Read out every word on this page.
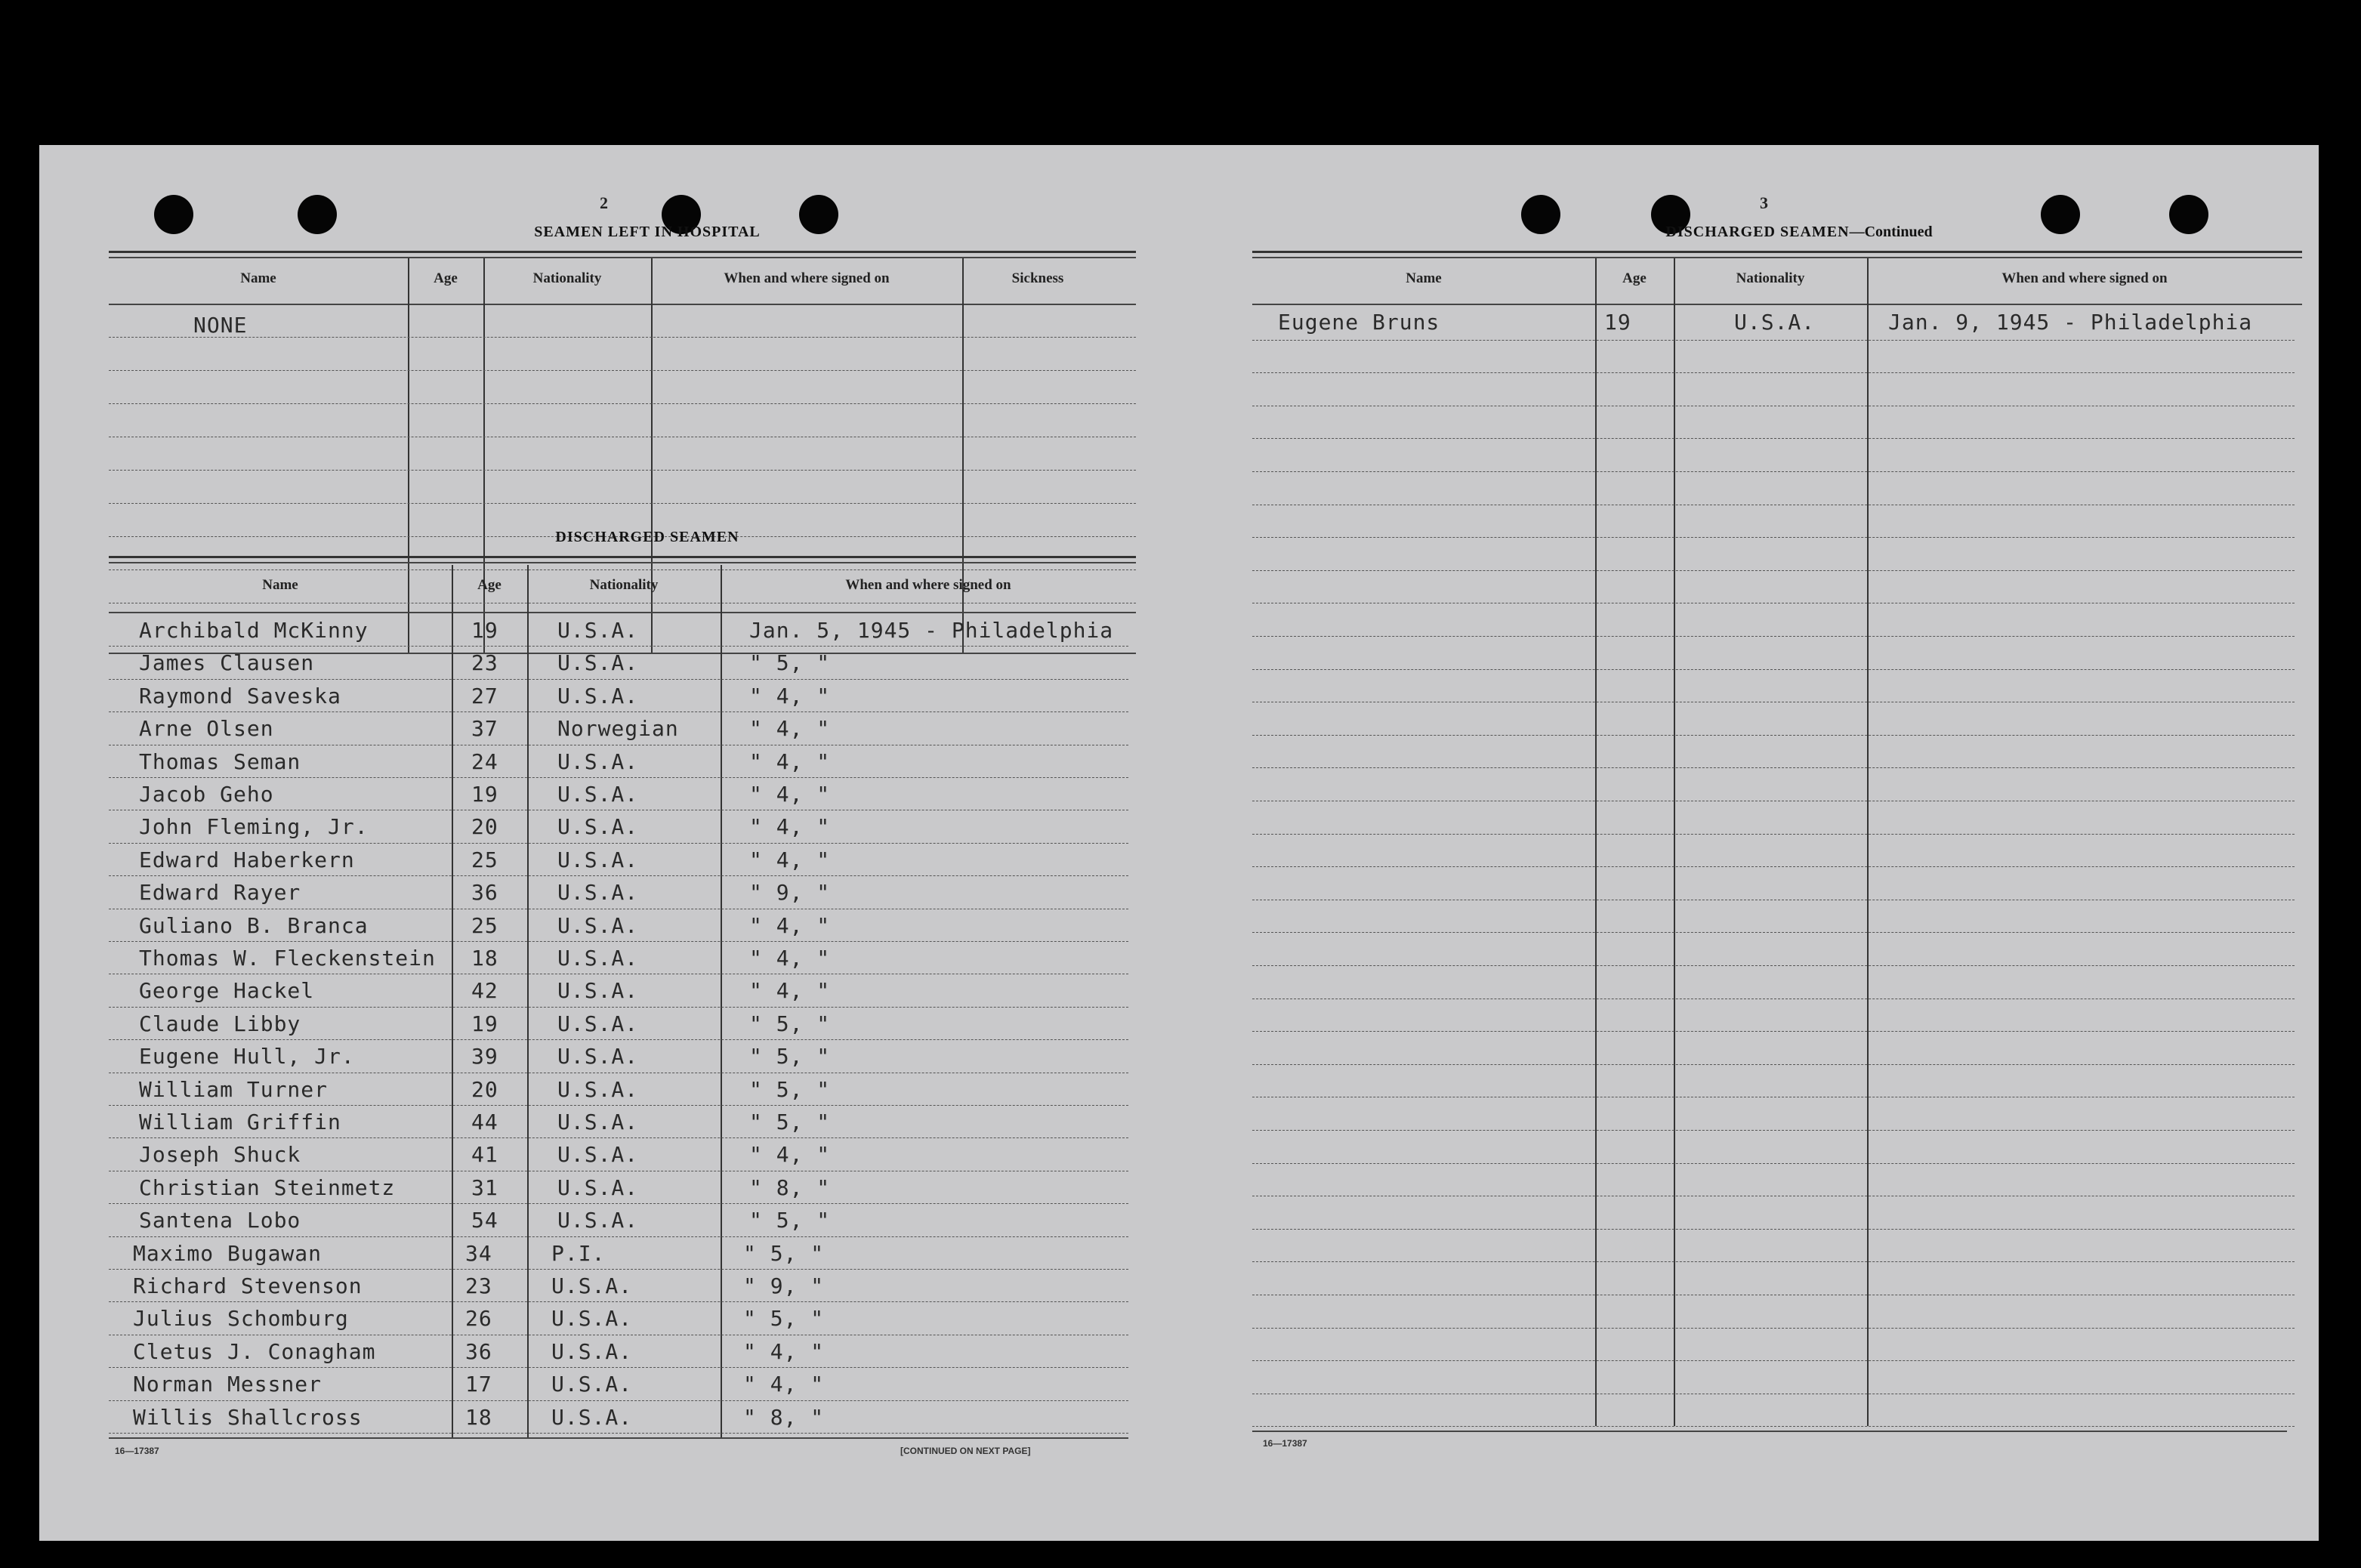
2
SEAMEN LEFT IN HOSPITAL
Name	Age	Nationality	When and where signed on	Sickness
NONE
DISCHARGED SEAMEN
Name	Age	Nationality	When and where signed on
Archibald McKinny	19	U.S.A.	Jan. 5, 1945 - Philadelphia
James Clausen	23	U.S.A.	" 5, "
Raymond Saveska	27	U.S.A.	" 4, "
Arne Olsen	37	Norwegian	" 4, "
Thomas Seman	24	U.S.A.	" 4, "
Jacob Geho	19	U.S.A.	" 4, "
John Fleming, Jr.	20	U.S.A.	" 4, "
Edward Haberkern	25	U.S.A.	" 4, "
Edward Rayer	36	U.S.A.	" 9, "
Guliano B. Branca	25	U.S.A.	" 4, "
Thomas W. Fleckenstein 18	U.S.A.	" 4, "
George Hackel	42	U.S.A.	" 4, "
Claude Libby	19	U.S.A.	" 5, "
Eugene Hull, Jr.	39	U.S.A.	" 5, "
William Turner	20	U.S.A.	" 5, "
William Griffin	44	U.S.A.	" 5, "
Joseph Shuck	41	U.S.A.	" 4, "
Christian Steinmetz	31	U.S.A.	" 8, "
Santena Lobo	54	U.S.A.	" 5, "
Maximo Bugawan	34	P.I.	" 5, "
Richard Stevenson	23	U.S.A.	" 9, "
Julius Schomburg	26	U.S.A.	" 5, "
Cletus J. Conagham	36	U.S.A.	" 4, "
Norman Messner	17	U.S.A.	" 4, "
Willis Shallcross	18	U.S.A.	" 8, "
16—17387	[CONTINUED ON NEXT PAGE]
3
DISCHARGED SEAMEN—Continued
Name	Age	Nationality	When and where signed on
Eugene Bruns	19	U.S.A.	Jan. 9, 1945 - Philadelphia
16—17387
